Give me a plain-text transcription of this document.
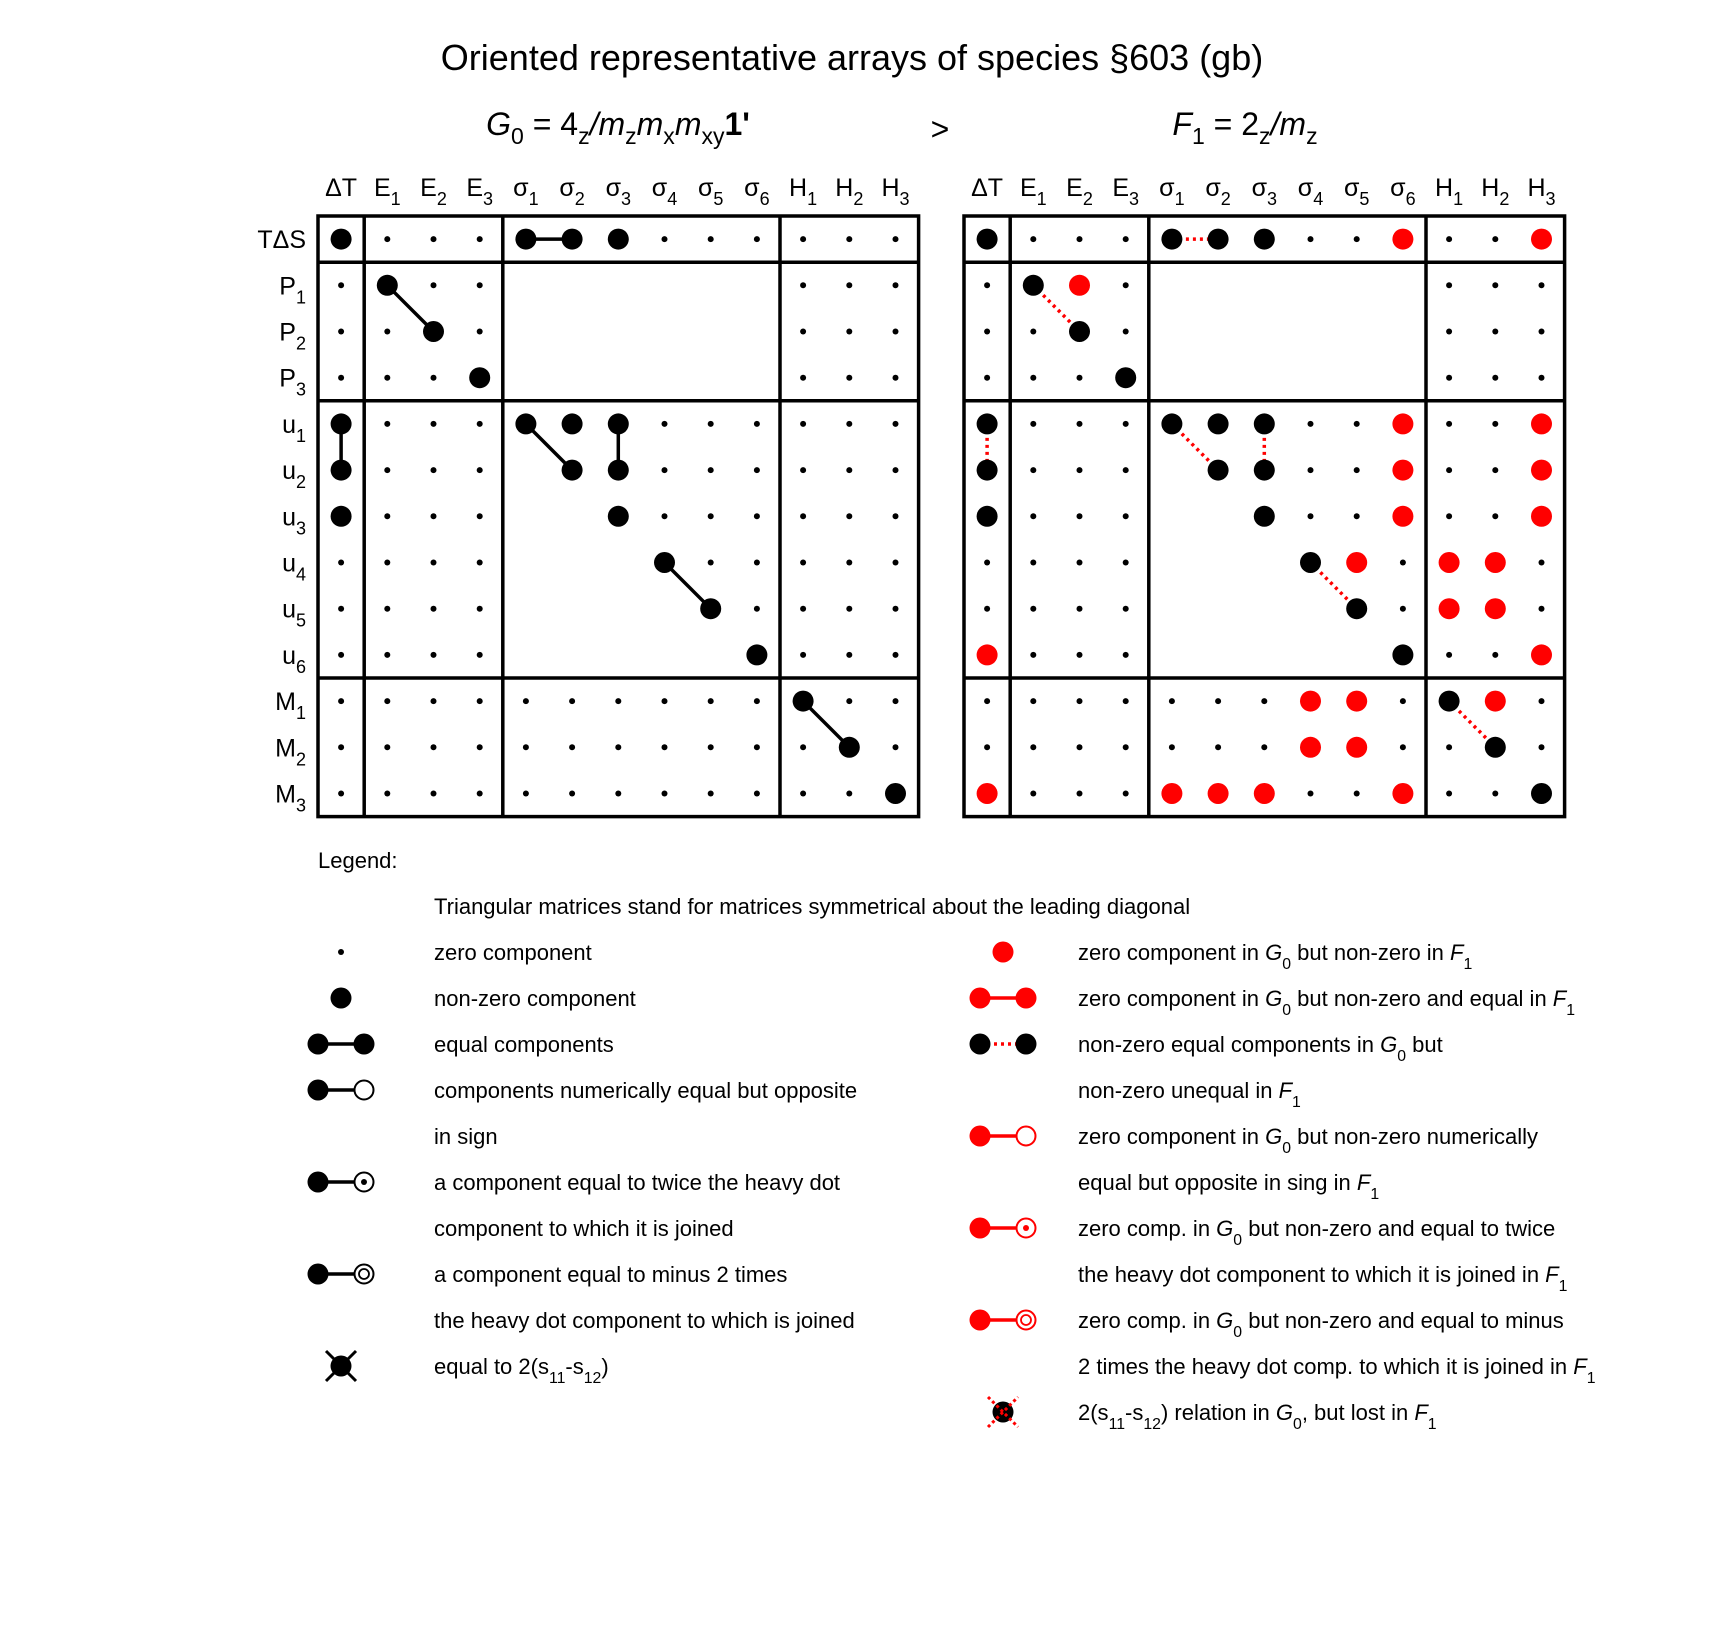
Oriented representative arrays of species §603 (gb)
>
$G_0 = 4_z/m_zm_xm_{xy}1'$	$F_1 = 2_z/m_z$
ΔT $E_1$ $E_2$ $E_3$ $\sigma_1$ $\sigma_2$ $\sigma_3$ $\sigma_4$ $\sigma_5$ $\sigma_6$ $H_1$ $H_2$ $H_3$
TΔS
$P_1$
$P_2$
$P_3$
$u_1$
$u_2$
$u_3$
$u_4$
$u_5$
$u_6$
$M_1$
$M_2$
$M_3$
ΔT $E_1$ $E_2$ $E_3$ $\sigma_1$ $\sigma_2$ $\sigma_3$ $\sigma_4$ $\sigma_5$ $\sigma_6$ $H_1$ $H_2$ $H_3$
Legend:
Triangular matrices stand for matrices symmetrical about the leading diagonal
zero component
non-zero component
equal components
components numerically equal but opposite
in sign
a component equal to twice the heavy dot
component to which it is joined
a component equal to minus 2 times
the heavy dot component to which is joined
equal to $2(s_{11}-s_{12})$
zero component in $G_0$ but non-zero in $F_1$
zero component in $G_0$ but non-zero and equal in $F_1$
non-zero equal components in $G_0$ but
non-zero unequal in $F_1$
zero component in $G_0$ but non-zero numerically
equal but opposite in sing in $F_1$
zero comp. in $G_0$ but non-zero and equal to twice
the heavy dot component to which it is joined in $F_1$
zero comp. in $G_0$ but non-zero and equal to minus
2 times the heavy dot comp. to which it is joined in $F_1$
$2(s_{11}-s_{12})$ relation in $G_0$, but lost in $F_1$
